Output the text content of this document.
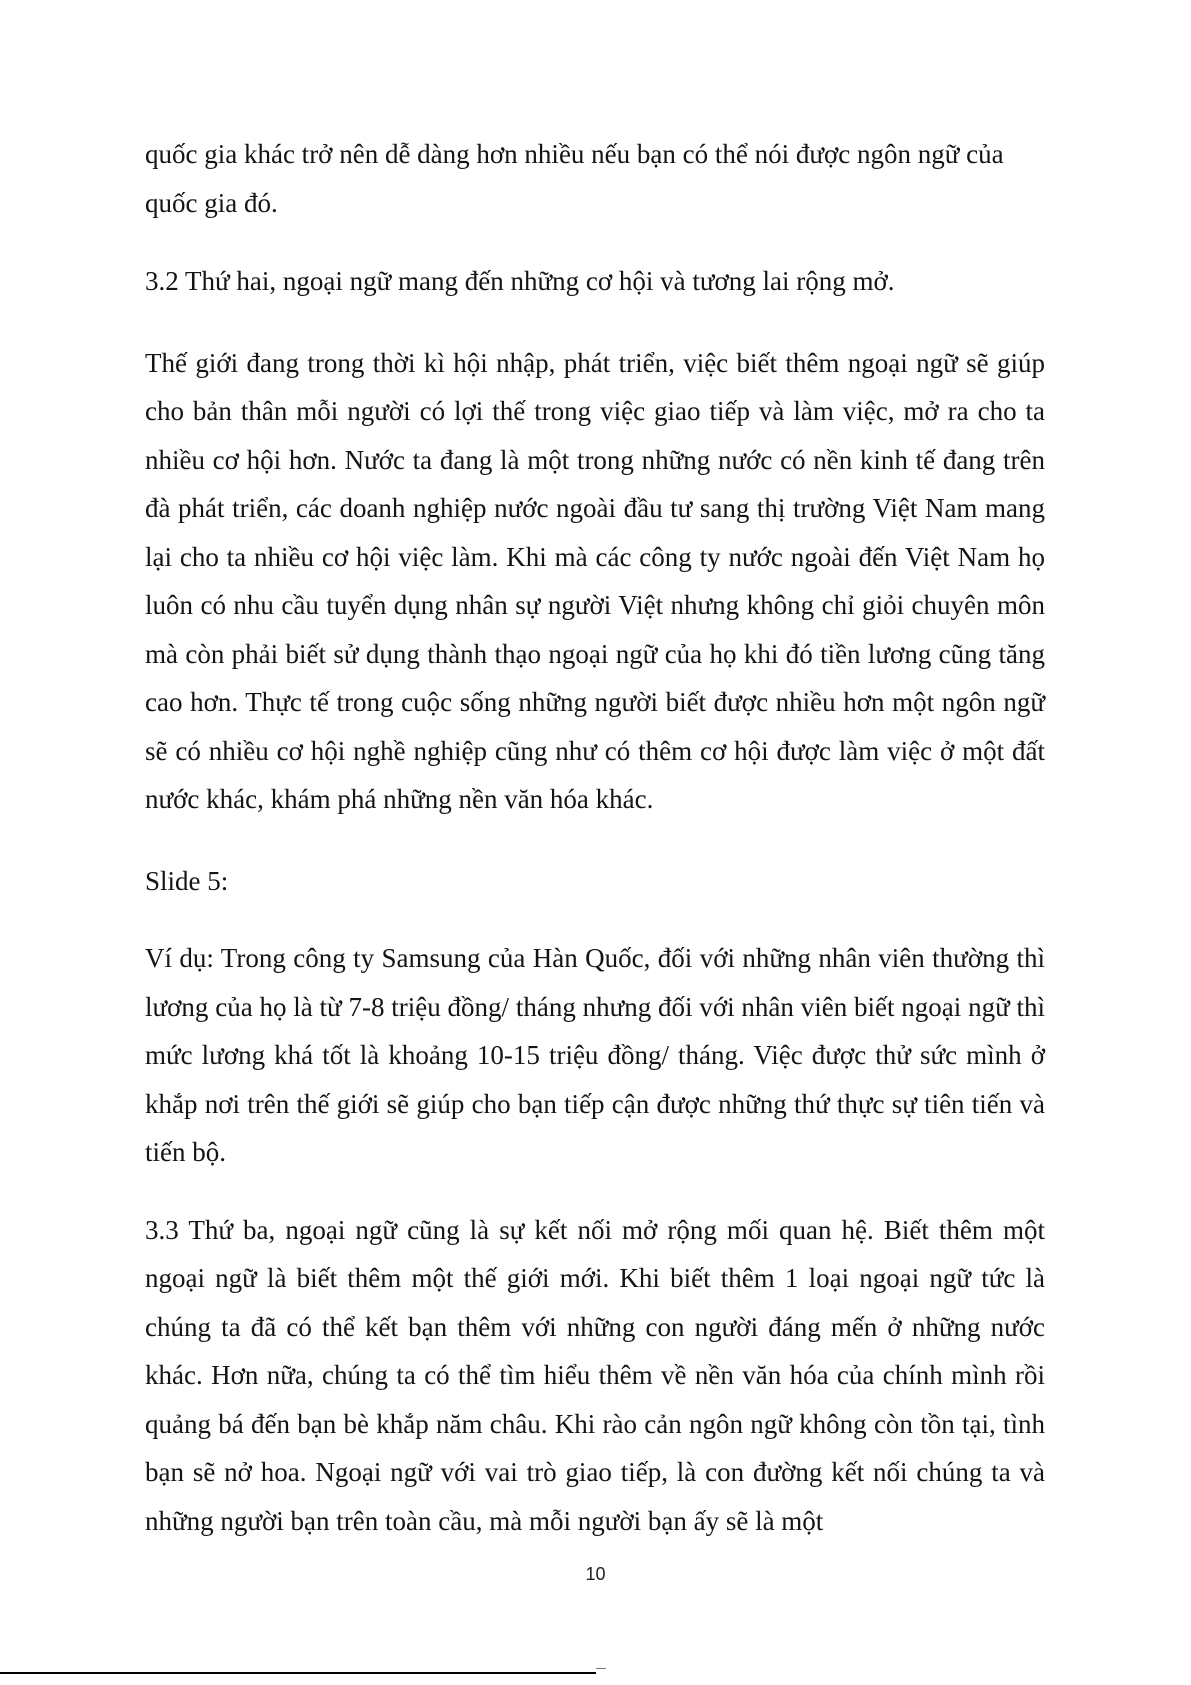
quốc gia khác trở nên dễ dàng hơn nhiều nếu bạn có thể nói được ngôn ngữ của quốc gia đó.

3.2 Thứ hai, ngoại ngữ mang đến những cơ hội và tương lai rộng mở.

Thế giới đang trong thời kì hội nhập, phát triển, việc biết thêm ngoại ngữ sẽ giúp cho bản thân mỗi người có lợi thế trong việc giao tiếp và làm việc, mở ra cho ta nhiều cơ hội hơn. Nước ta đang là một trong những nước có nền kinh tế đang trên đà phát triển, các doanh nghiệp nước ngoài đầu tư sang thị trường Việt Nam mang lại cho ta nhiều cơ hội việc làm. Khi mà các công ty nước ngoài đến Việt Nam họ luôn có nhu cầu tuyển dụng nhân sự người Việt nhưng không chỉ giỏi chuyên môn mà còn phải biết sử dụng thành thạo ngoại ngữ của họ khi đó tiền lương cũng tăng cao hơn. Thực tế trong cuộc sống những người biết được nhiều hơn một ngôn ngữ sẽ có nhiều cơ hội nghề nghiệp cũng như có thêm cơ hội được làm việc ở một đất nước khác, khám phá những nền văn hóa khác.

Slide 5:

Ví dụ: Trong công ty Samsung của Hàn Quốc, đối với những nhân viên thường thì lương của họ là từ 7-8 triệu đồng/ tháng nhưng đối với nhân viên biết ngoại ngữ thì mức lương khá tốt là khoảng 10-15 triệu đồng/ tháng. Việc được thử sức mình ở khắp nơi trên thế giới sẽ giúp cho bạn tiếp cận được những thứ thực sự tiên tiến và tiến bộ.

3.3 Thứ ba, ngoại ngữ cũng là sự kết nối mở rộng mối quan hệ. Biết thêm một ngoại ngữ là biết thêm một thế giới mới. Khi biết thêm 1 loại ngoại ngữ tức là chúng ta đã có thể kết bạn thêm với những con người đáng mến ở những nước khác. Hơn nữa, chúng ta có thể tìm hiểu thêm về nền văn hóa của chính mình rồi quảng bá đến bạn bè khắp năm châu. Khi rào cản ngôn ngữ không còn tồn tại, tình bạn sẽ nở hoa. Ngoại ngữ với vai trò giao tiếp, là con đường kết nối chúng ta và những người bạn trên toàn cầu, mà mỗi người bạn ấy sẽ là một

10
